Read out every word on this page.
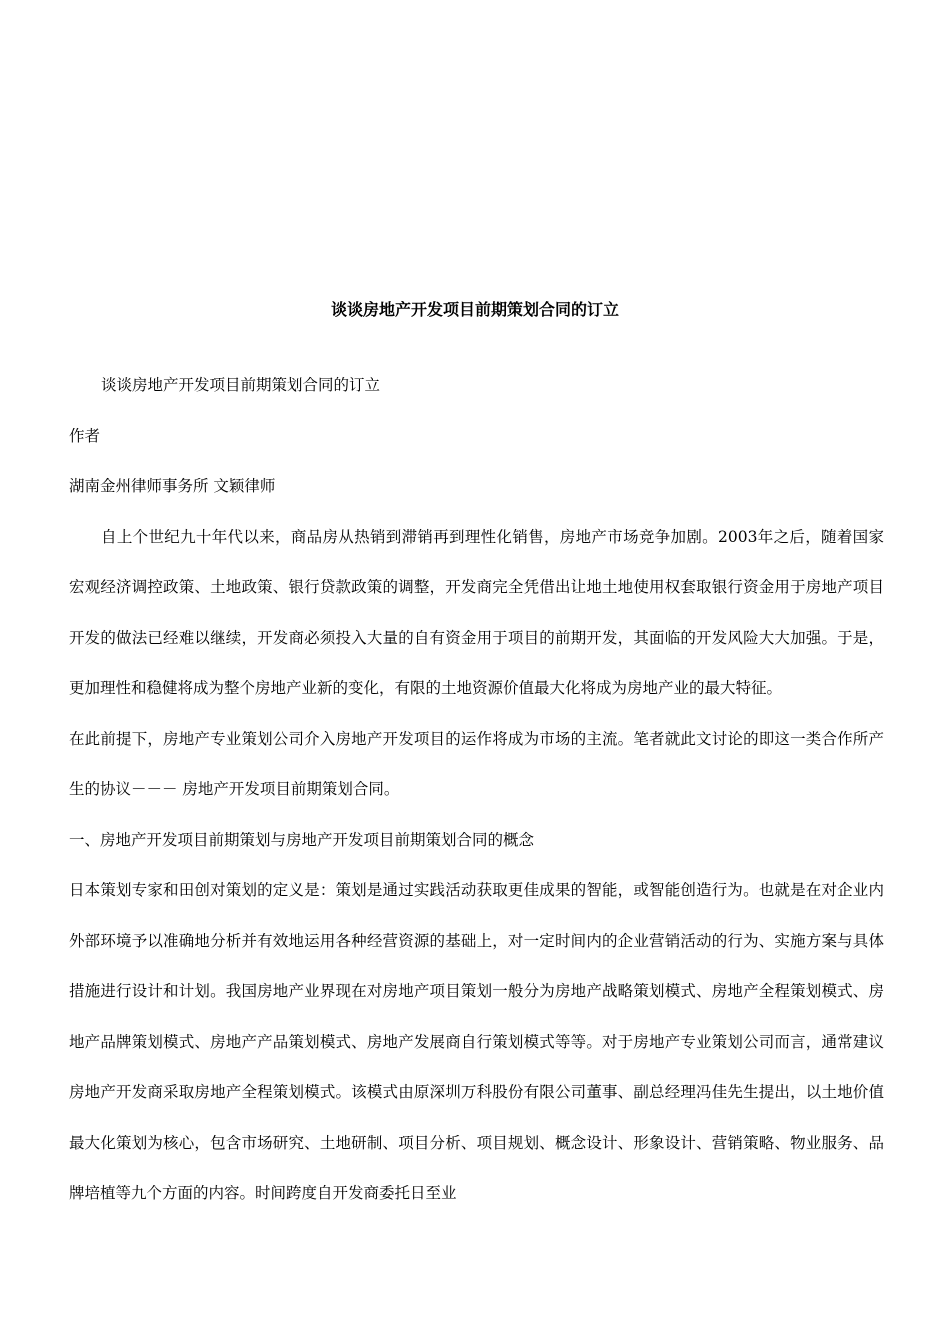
谈谈房地产开发项目前期策划合同的订立

谈谈房地产开发项目前期策划合同的订立

作者

湖南金州律师事务所 文颖律师

自上个世纪九十年代以来，商品房从热销到滞销再到理性化销售，房地产市场竞争加剧。2003年之后，随着国家宏观经济调控政策、土地政策、银行贷款政策的调整，开发商完全凭借出让地土地使用权套取银行资金用于房地产项目开发的做法已经难以继续，开发商必须投入大量的自有资金用于项目的前期开发，其面临的开发风险大大加强。于是，更加理性和稳健将成为整个房地产业新的变化，有限的土地资源价值最大化将成为房地产业的最大特征。

在此前提下，房地产专业策划公司介入房地产开发项目的运作将成为市场的主流。笔者就此文讨论的即这一类合作所产生的协议－－－ 房地产开发项目前期策划合同。

一、房地产开发项目前期策划与房地产开发项目前期策划合同的概念

日本策划专家和田创对策划的定义是：策划是通过实践活动获取更佳成果的智能，或智能创造行为。也就是在对企业内外部环境予以准确地分析并有效地运用各种经营资源的基础上，对一定时间内的企业营销活动的行为、实施方案与具体措施进行设计和计划。我国房地产业界现在对房地产项目策划一般分为房地产战略策划模式、房地产全程策划模式、房地产品牌策划模式、房地产产品策划模式、房地产发展商自行策划模式等等。对于房地产专业策划公司而言，通常建议房地产开发商采取房地产全程策划模式。该模式由原深圳万科股份有限公司董事、副总经理冯佳先生提出，以土地价值最大化策划为核心，包含市场研究、土地研制、项目分析、项目规划、概念设计、形象设计、营销策略、物业服务、品牌培植等九个方面的内容。时间跨度自开发商委托日至业
